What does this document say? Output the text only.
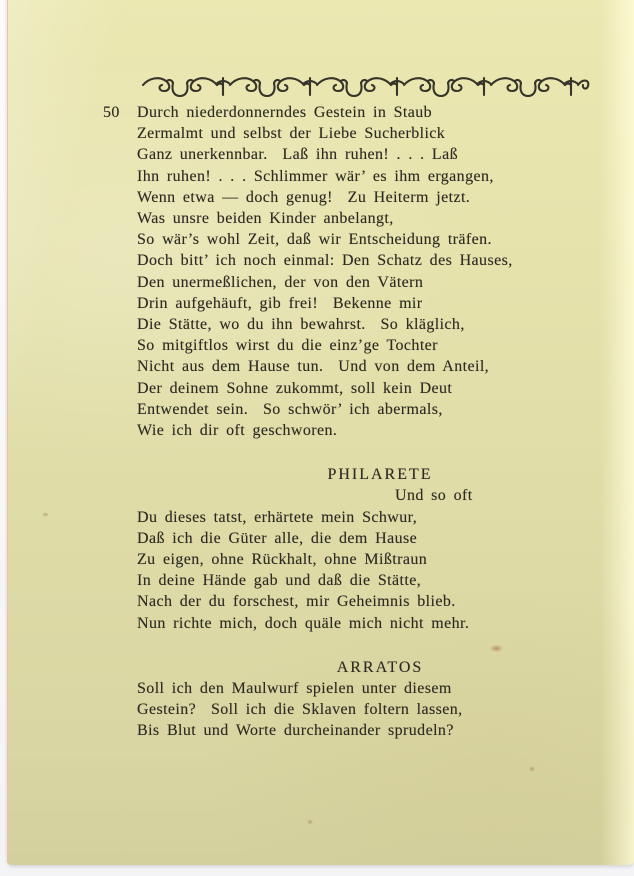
50 Durch niederdonnerndes Gestein in Staub

Zermalmt und selbst der Liebe Sucherblick

Ganz unerkennbar.  Laß ihn ruhen! . . . Laß

Ihn ruhen! . . . Schlimmer wär’ es ihm ergangen,

Wenn etwa — doch genug!  Zu Heiterm jetzt.

Was unsre beiden Kinder anbelangt,

So wär’s wohl Zeit, daß wir Entscheidung träfen.

Doch bitt’ ich noch einmal: Den Schatz des Hauses,

Den unermeßlichen, der von den Vätern

Drin aufgehäuft, gib frei!  Bekenne mir

Die Stätte, wo du ihn bewahrst.  So kläglich,

So mitgiftlos wirst du die einz’ge Tochter

Nicht aus dem Hause tun.  Und von dem Anteil,

Der deinem Sohne zukommt, soll kein Deut

Entwendet sein.  So schwör’ ich abermals,

Wie ich dir oft geschworen.

PHILARETE

Und so oft

Du dieses tatst, erhärtete mein Schwur,

Daß ich die Güter alle, die dem Hause

Zu eigen, ohne Rückhalt, ohne Mißtraun

In deine Hände gab und daß die Stätte,

Nach der du forschest, mir Geheimnis blieb.

Nun richte mich, doch quäle mich nicht mehr.

ARRATOS

Soll ich den Maulwurf spielen unter diesem

Gestein?  Soll ich die Sklaven foltern lassen,

Bis Blut und Worte durcheinander sprudeln?
